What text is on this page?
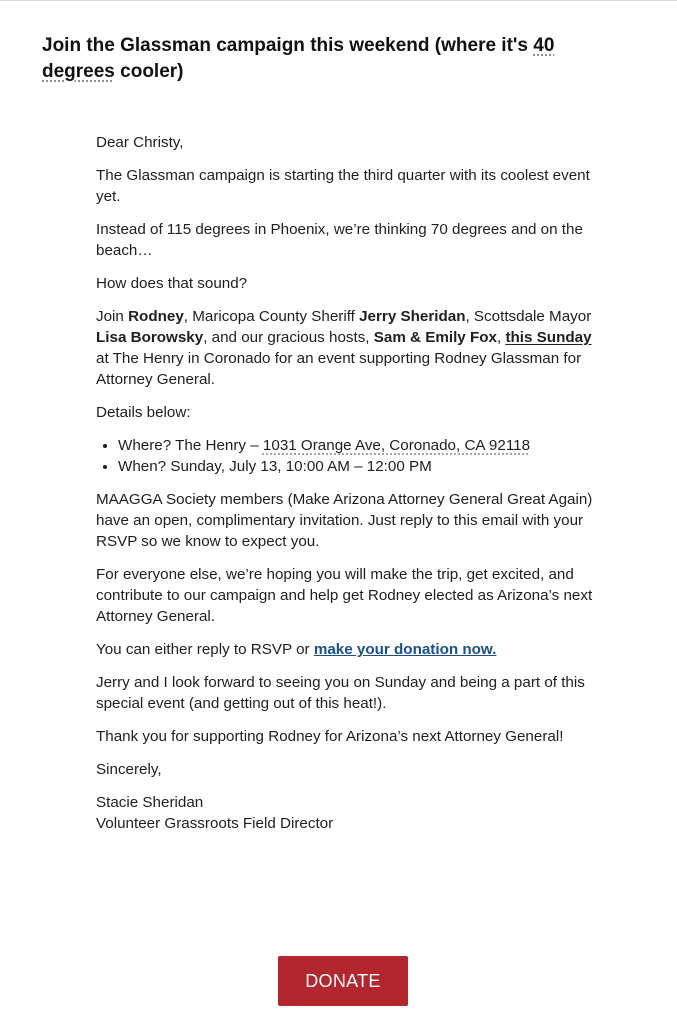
Join the Glassman campaign this weekend (where it's 40 degrees cooler)

Dear Christy,

The Glassman campaign is starting the third quarter with its coolest event yet.

Instead of 115 degrees in Phoenix, we’re thinking 70 degrees and on the beach…

How does that sound?

Join Rodney, Maricopa County Sheriff Jerry Sheridan, Scottsdale Mayor Lisa Borowsky, and our gracious hosts, Sam & Emily Fox, this Sunday at The Henry in Coronado for an event supporting Rodney Glassman for Attorney General.

Details below:

• Where? The Henry – 1031 Orange Ave, Coronado, CA 92118
• When? Sunday, July 13, 10:00 AM – 12:00 PM

MAAGGA Society members (Make Arizona Attorney General Great Again) have an open, complimentary invitation. Just reply to this email with your RSVP so we know to expect you.

For everyone else, we’re hoping you will make the trip, get excited, and contribute to our campaign and help get Rodney elected as Arizona’s next Attorney General.

You can either reply to RSVP or make your donation now.

Jerry and I look forward to seeing you on Sunday and being a part of this special event (and getting out of this heat!).

Thank you for supporting Rodney for Arizona’s next Attorney General!

Sincerely,

Stacie Sheridan
Volunteer Grassroots Field Director

DONATE
